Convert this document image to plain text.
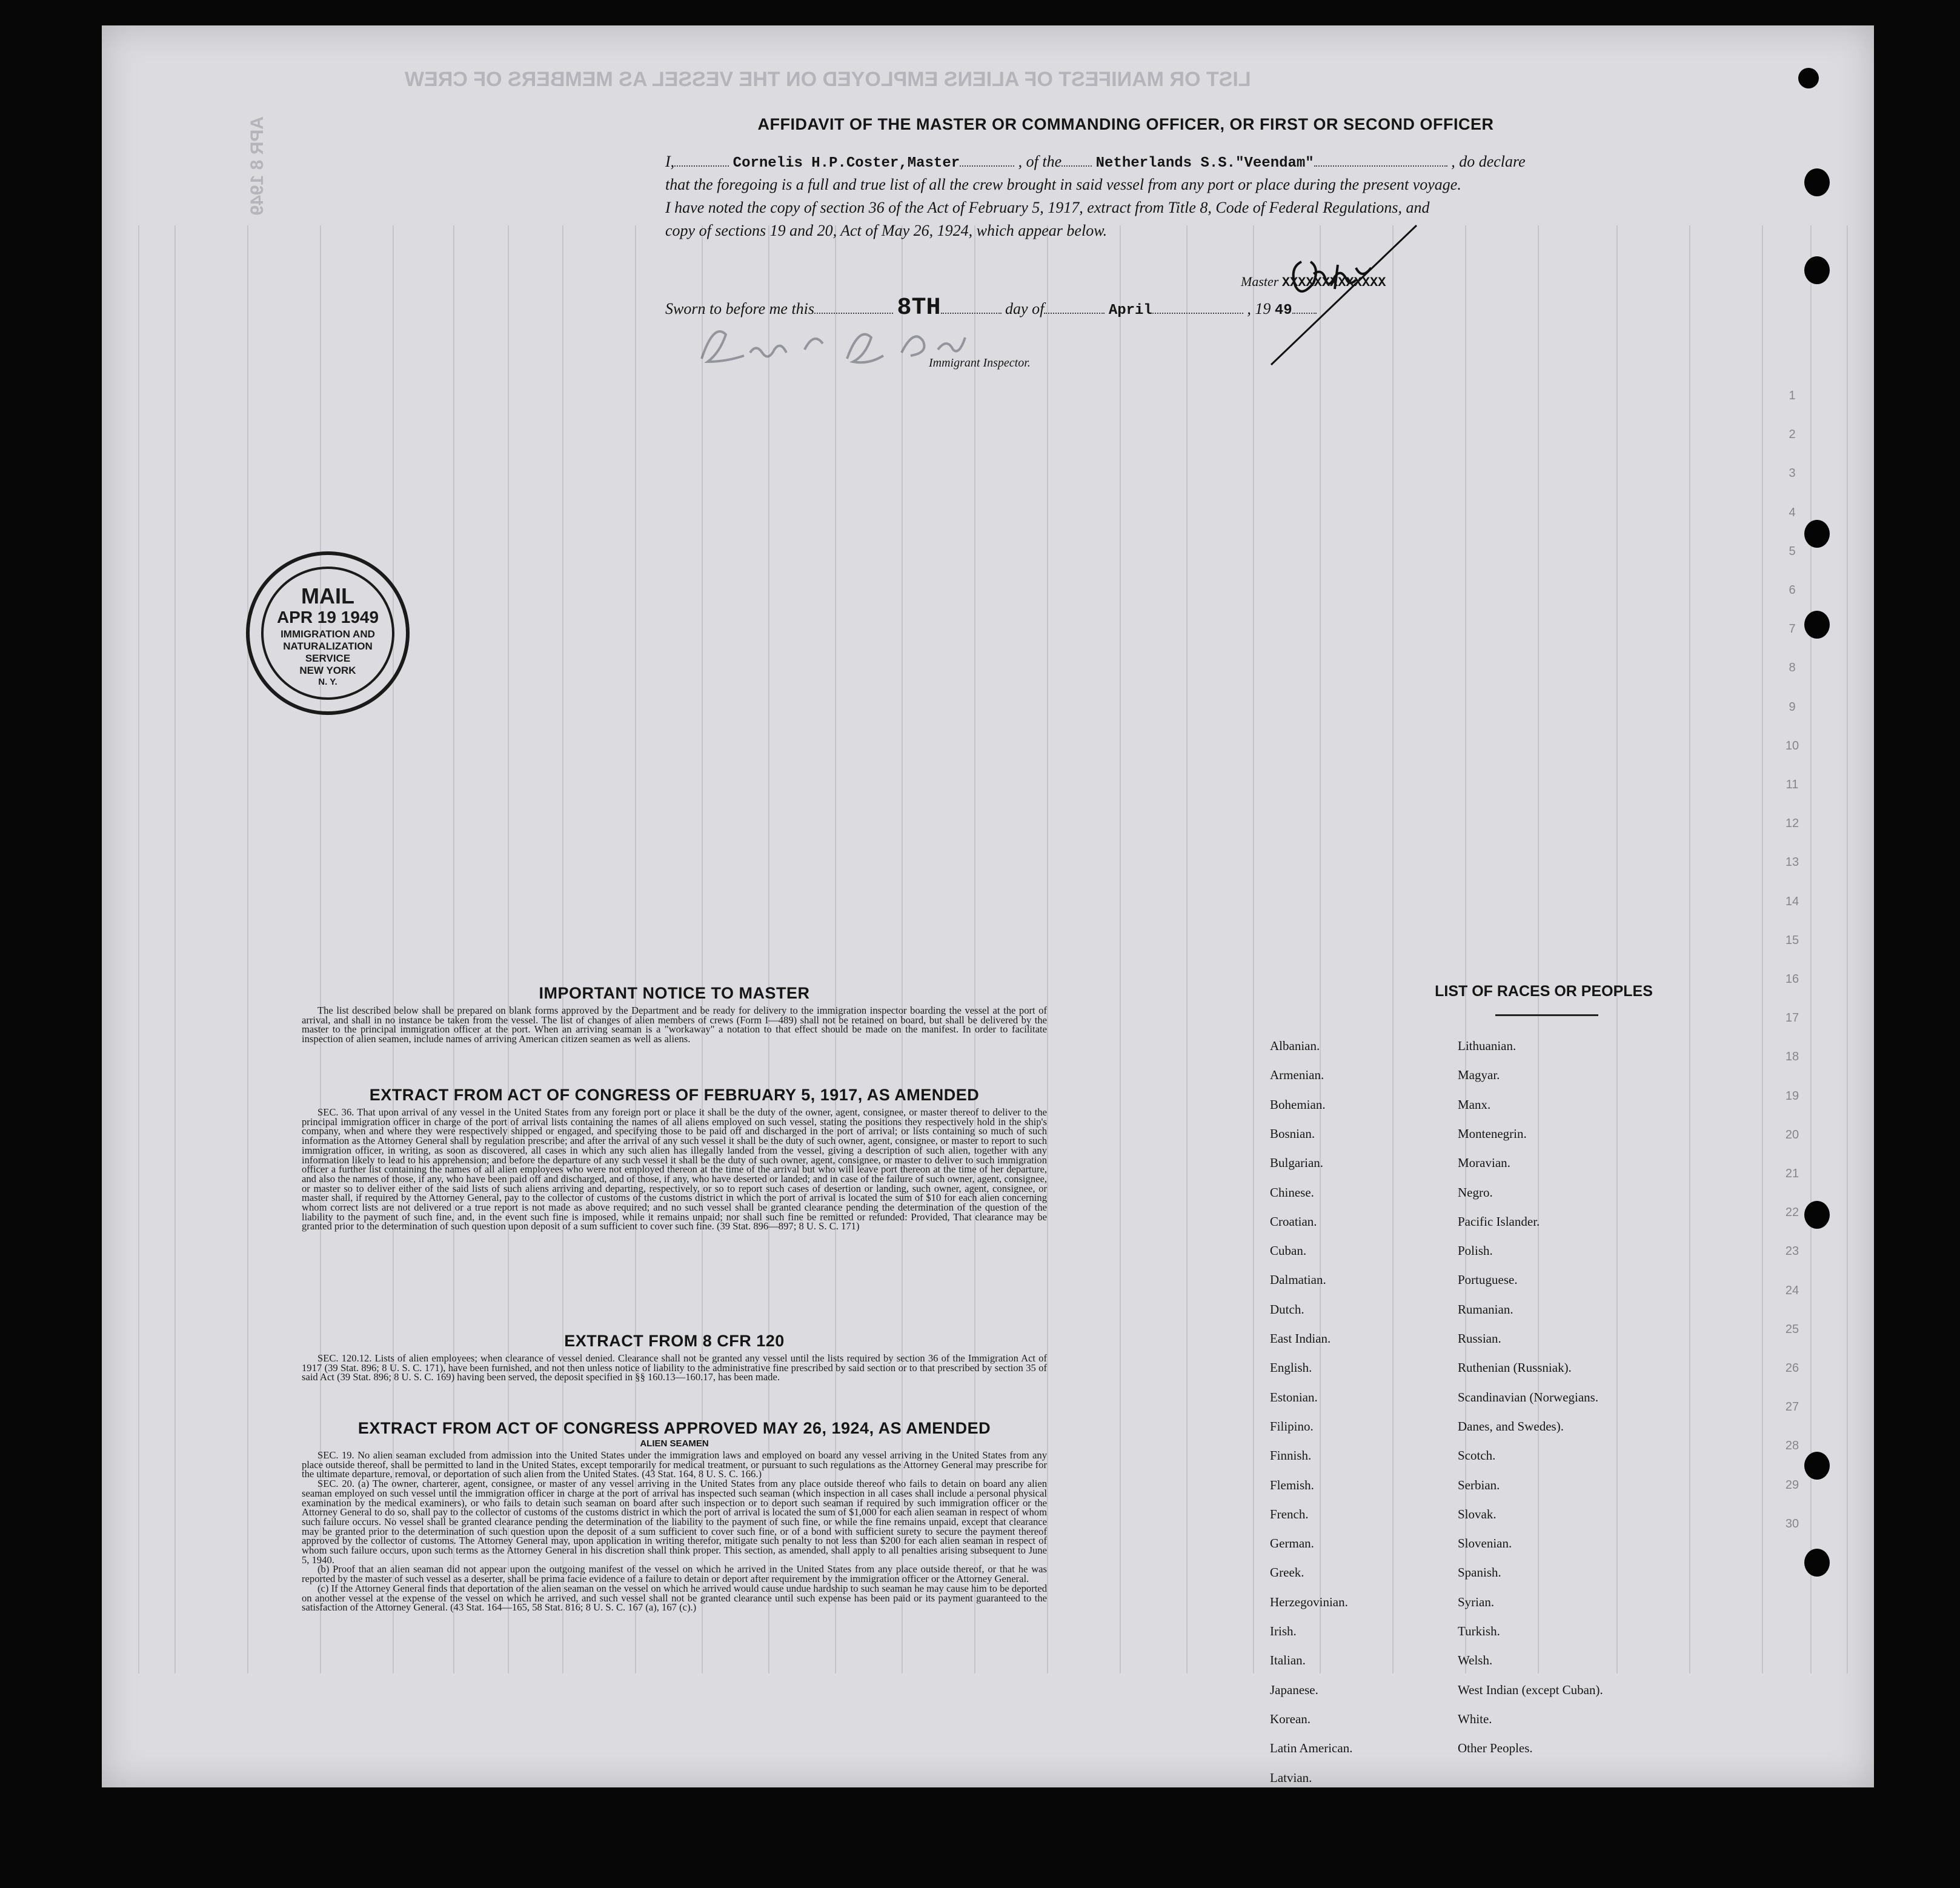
LIST OR MANIFEST OF ALIENS EMPLOYED ON THE VESSEL AS MEMBERS OF CREW
APR 8 1949
1
2
3
4
5
6
7
8
9
10
11
12
13
14
15
16
17
18
19
20
21
22
23
24
25
26
27
28
29
30
AFFIDAVIT OF THE MASTER OR COMMANDING OFFICER, OR FIRST OR SECOND OFFICER
I,	Cornelis H.P.Coster,Master	, of the Netherlands S.S."Veendam"	, do declare
that the foregoing is a full and true list of all the crew brought in said vessel from any port or place during the present voyage.
I have noted the copy of section 36 of the Act of February 5, 1917, extract from Title 8, Code of Federal Regulations, and
copy of sections 19 and 20, Act of May 26, 1924, which appear below.
Master XXXXXXXXXXXXX
Sworn to before me this	8TH	day of	April	, 19 49
Immigrant Inspector.
MAIL
APR 19 1949
IMMIGRATION AND
NATURALIZATION
SERVICE
NEW YORK
N. Y.
IMPORTANT NOTICE TO MASTER

The list described below shall be prepared on blank forms approved by the Department and be ready for delivery to the immigration inspector boarding the vessel at the port of arrival, and shall in no instance be taken from the vessel. The list of changes of alien members of crews (Form I—489) shall not be retained on board, but shall be delivered by the master to the principal immigration officer at the port. When an arriving seaman is a "workaway" a notation to that effect should be made on the manifest. In order to facilitate inspection of alien seamen, include names of arriving American citizen seamen as well as aliens.

EXTRACT FROM ACT OF CONGRESS OF FEBRUARY 5, 1917, AS AMENDED

SEC. 36. That upon arrival of any vessel in the United States from any foreign port or place it shall be the duty of the owner, agent, consignee, or master thereof to deliver to the principal immigration officer in charge of the port of arrival lists containing the names of all aliens employed on such vessel, stating the positions they respectively hold in the ship's company, when and where they were respectively shipped or engaged, and specifying those to be paid off and discharged in the port of arrival; or lists containing so much of such information as the Attorney General shall by regulation prescribe; and after the arrival of any such vessel it shall be the duty of such owner, agent, consignee, or master to report to such immigration officer, in writing, as soon as discovered, all cases in which any such alien has illegally landed from the vessel, giving a description of such alien, together with any information likely to lead to his apprehension; and before the departure of any such vessel it shall be the duty of such owner, agent, consignee, or master to deliver to such immigration officer a further list containing the names of all alien employees who were not employed thereon at the time of the arrival but who will leave port thereon at the time of her departure, and also the names of those, if any, who have been paid off and discharged, and of those, if any, who have deserted or landed; and in case of the failure of such owner, agent, consignee, or master so to deliver either of the said lists of such aliens arriving and departing, respectively, or so to report such cases of desertion or landing, such owner, agent, consignee, or master shall, if required by the Attorney General, pay to the collector of customs of the customs district in which the port of arrival is located the sum of $10 for each alien concerning whom correct lists are not delivered or a true report is not made as above required; and no such vessel shall be granted clearance pending the determination of the question of the liability to the payment of such fine, and, in the event such fine is imposed, while it remains unpaid; nor shall such fine be remitted or refunded: Provided, That clearance may be granted prior to the determination of such question upon deposit of a sum sufficient to cover such fine. (39 Stat. 896—897; 8 U. S. C. 171)

EXTRACT FROM 8 CFR 120

SEC. 120.12. Lists of alien employees; when clearance of vessel denied. Clearance shall not be granted any vessel until the lists required by section 36 of the Immigration Act of 1917 (39 Stat. 896; 8 U. S. C. 171), have been furnished, and not then unless notice of liability to the administrative fine prescribed by said section or to that prescribed by section 35 of said Act (39 Stat. 896; 8 U. S. C. 169) having been served, the deposit specified in §§ 160.13—160.17, has been made.

EXTRACT FROM ACT OF CONGRESS APPROVED MAY 26, 1924, AS AMENDED
ALIEN SEAMEN

SEC. 19. No alien seaman excluded from admission into the United States under the immigration laws and employed on board any vessel arriving in the United States from any place outside thereof, shall be permitted to land in the United States, except temporarily for medical treatment, or pursuant to such regulations as the Attorney General may prescribe for the ultimate departure, removal, or deportation of such alien from the United States. (43 Stat. 164, 8 U. S. C. 166.)

SEC. 20. (a) The owner, charterer, agent, consignee, or master of any vessel arriving in the United States from any place outside thereof who fails to detain on board any alien seaman employed on such vessel until the immigration officer in charge at the port of arrival has inspected such seaman (which inspection in all cases shall include a personal physical examination by the medical examiners), or who fails to detain such seaman on board after such inspection or to deport such seaman if required by such immigration officer or the Attorney General to do so, shall pay to the collector of customs of the customs district in which the port of arrival is located the sum of $1,000 for each alien seaman in respect of whom such failure occurs. No vessel shall be granted clearance pending the determination of the liability to the payment of such fine, or while the fine remains unpaid, except that clearance may be granted prior to the determination of such question upon the deposit of a sum sufficient to cover such fine, or of a bond with sufficient surety to secure the payment thereof approved by the collector of customs. The Attorney General may, upon application in writing therefor, mitigate such penalty to not less than $200 for each alien seaman in respect of whom such failure occurs, upon such terms as the Attorney General in his discretion shall think proper. This section, as amended, shall apply to all penalties arising subsequent to June 5, 1940.

(b) Proof that an alien seaman did not appear upon the outgoing manifest of the vessel on which he arrived in the United States from any place outside thereof, or that he was reported by the master of such vessel as a deserter, shall be prima facie evidence of a failure to detain or deport after requirement by the immigration officer or the Attorney General.

(c) If the Attorney General finds that deportation of the alien seaman on the vessel on which he arrived would cause undue hardship to such seaman he may cause him to be deported on another vessel at the expense of the vessel on which he arrived, and such vessel shall not be granted clearance until such expense has been paid or its payment guaranteed to the satisfaction of the Attorney General. (43 Stat. 164—165, 58 Stat. 816; 8 U. S. C. 167 (a), 167 (c).)

LIST OF RACES OR PEOPLES
Albanian.
Armenian.
Bohemian.
Bosnian.
Bulgarian.
Chinese.
Croatian.
Cuban.
Dalmatian.
Dutch.
East Indian.
English.
Estonian.
Filipino.
Finnish.
Flemish.
French.
German.
Greek.
Herzegovinian.
Irish.
Italian.
Japanese.
Korean.
Latin American.
Latvian.
Lithuanian.
Magyar.
Manx.
Montenegrin.
Moravian.
Negro.
Pacific Islander.
Polish.
Portuguese.
Rumanian.
Russian.
Ruthenian (Russniak).
Scandinavian (Norwegians.
Danes, and Swedes).
Scotch.
Serbian.
Slovak.
Slovenian.
Spanish.
Syrian.
Turkish.
Welsh.
West Indian (except Cuban).
White.
Other Peoples.
